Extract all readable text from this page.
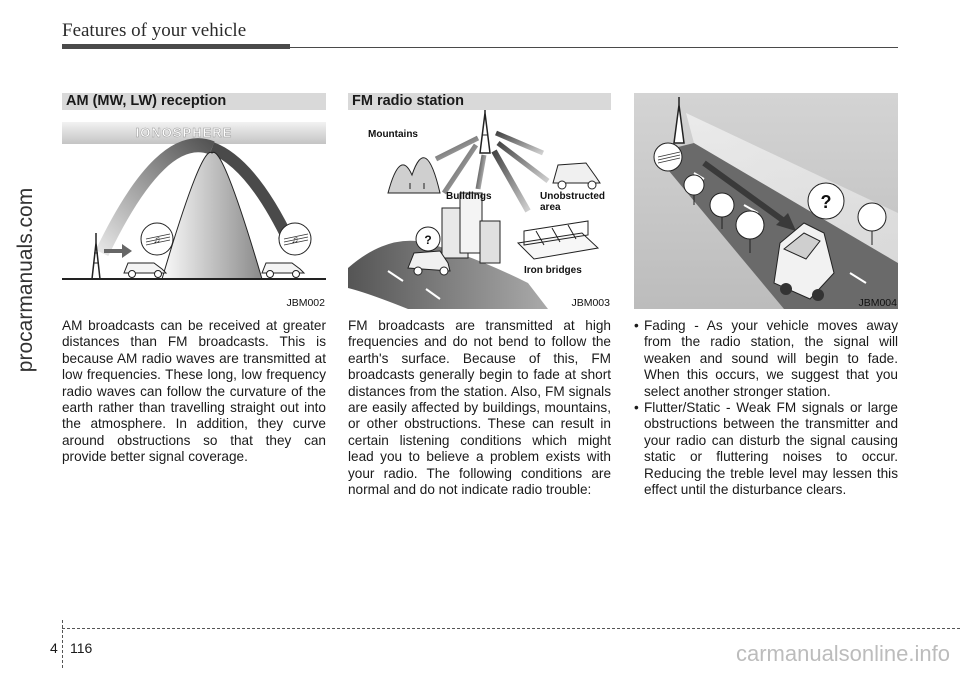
Features of your vehicle
procarmanuals.com
IONOSPHERE
♫	♫
AM (MW, LW) reception
JBM002
Mountains
Buildings	Unobstructed
area
Iron bridges
?
FM radio station
JBM003
?
JBM004

AM broadcasts can be received at greater distances than FM broadcasts. This is because AM radio waves are transmitted at low frequencies. These long, low frequency radio waves can follow the curvature of the earth rather than travelling straight out into the atmosphere. In addition, they curve around obstructions so that they can provide better signal coverage.

FM broadcasts are transmitted at high frequencies and do not bend to follow the earth's surface. Because of this, FM broadcasts generally begin to fade at short distances from the station. Also, FM signals are easily affected by buildings, mountains, or other obstructions. These can result in certain listening conditions which might lead you to believe a problem exists with your radio. The following conditions are normal and do not indicate radio trouble:

• Fading - As your vehicle moves away from the radio station, the signal will weaken and sound will begin to fade. When this occurs, we suggest that you select another stronger station.
• Flutter/Static - Weak FM signals or large obstructions between the transmitter and your radio can disturb the signal causing static or fluttering noises to occur. Reducing the treble level may lessen this effect until the disturbance clears.
4 116	carmanualsonline.info
